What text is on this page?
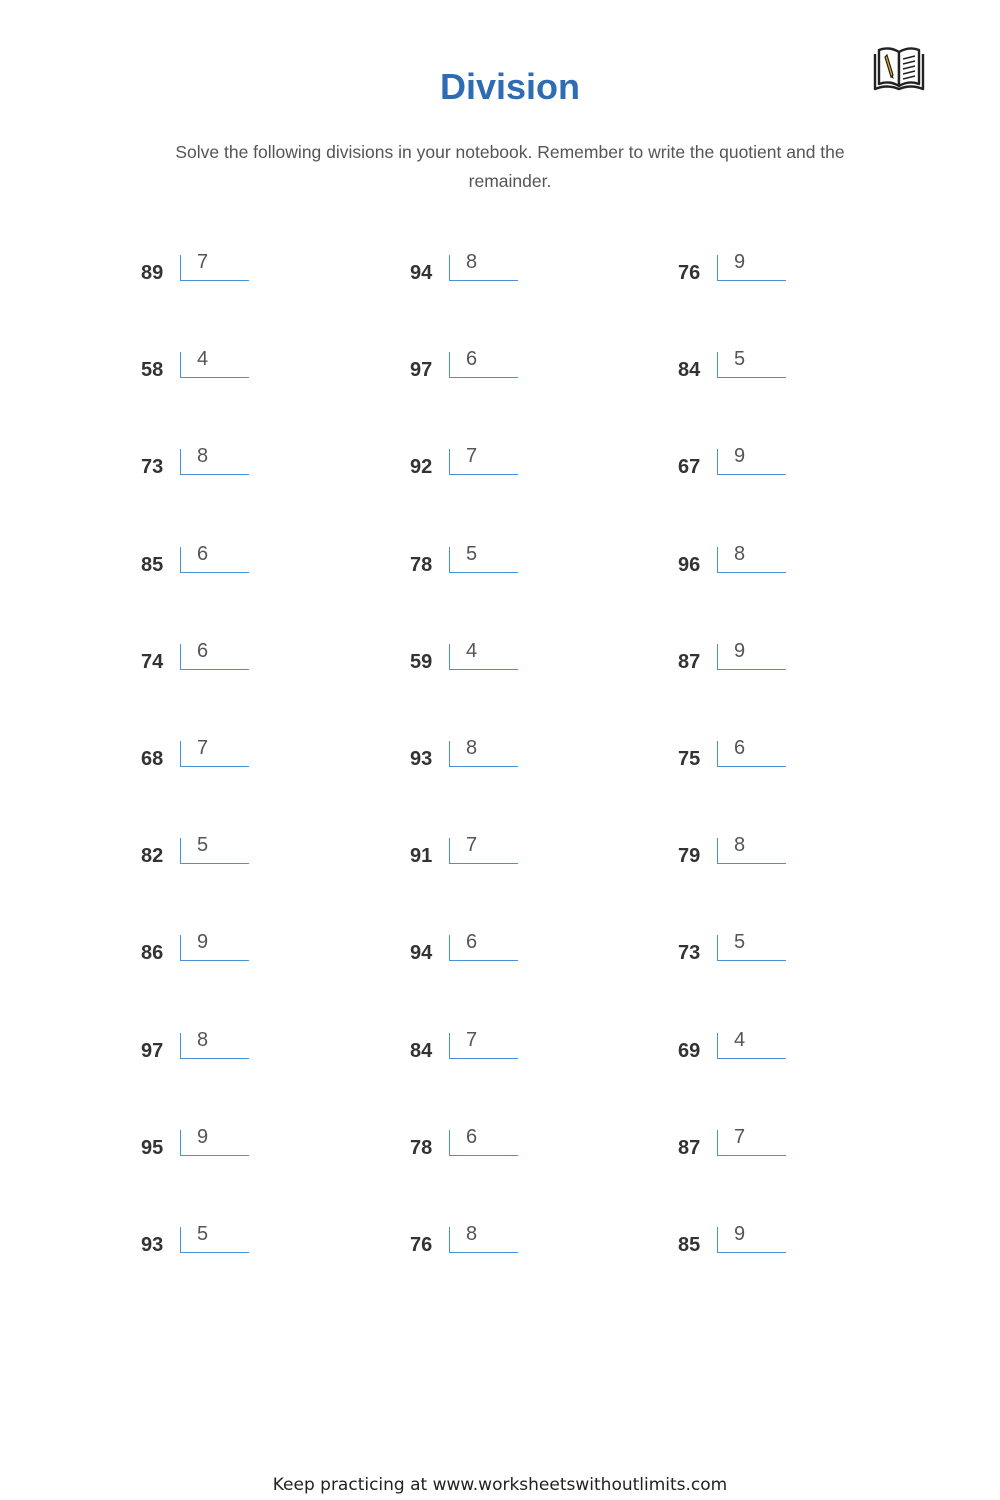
Division
Solve the following divisions in your notebook. Remember to write the quotient and the remainder.
89 7	94 8	76 9
58 4	97 6	84 5
73 8	92 7	67 9
85 6	78 5	96 8
74 6	59 4	87 9
68 7	93 8	75 6
82 5	91 7	79 8
86 9	94 6	73 5
97 8	84 7	69 4
95 9	78 6	87 7
93 5	76 8	85 9
Keep practicing at www.worksheetswithoutlimits.com
